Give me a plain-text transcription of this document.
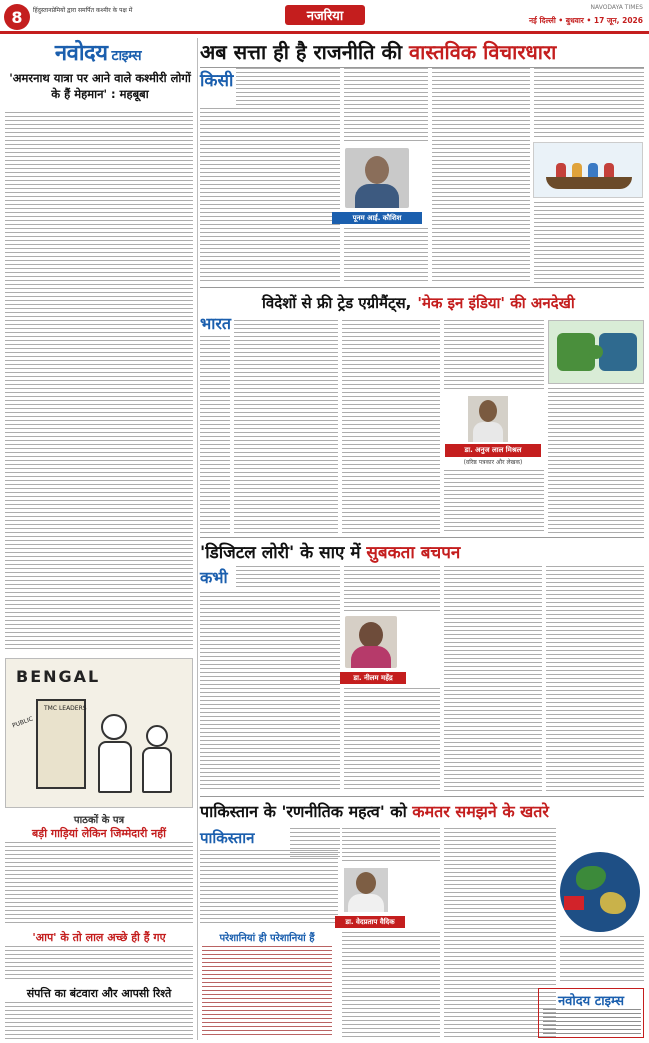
8	हिंदुस्तानप्रेमियों द्वारा समर्पित कश्मीर के पक्ष में	नजरिया
NAVODAYA TIMES
नई दिल्ली • बुधवार • 17 जून, 2026
नवोदय टाइम्स
'अमरनाथ यात्रा पर आने वाले कश्मीरी लोगों के हैं मेहमान' : महबूबा
BENGAL
TMC LEADERS
PUBLIC
पाठकों के पत्र
बड़ी गाड़ियां लेकिन जिम्मेदारी नहीं
'आप' के तो लाल अच्छे ही हैं गए
संपत्ति का बंटवारा और आपसी रिश्ते
अब सत्ता ही है राजनीति की वास्तविक विचारधारा
किसी
पूनम आई. कौशिश
भारत
विदेशों से फ्री ट्रेड एग्रीमैंट्स, 'मेक इन इंडिया' की अनदेखी
डा. अनुज लाल मिश्रल
(वरिष्ठ पत्रकार और लेखक)
'डिजिटल लोरी' के साए में सुबकता बचपन
कभी
डा. नीलम महेंद्र
पाकिस्तान के 'रणनीतिक महत्व' को कमतर समझने के खतरे
पाकिस्तान
परेशानियां ही परेशानियां हैं
डा. वेदप्रताप वैदिक
नवोदय टाइम्स
